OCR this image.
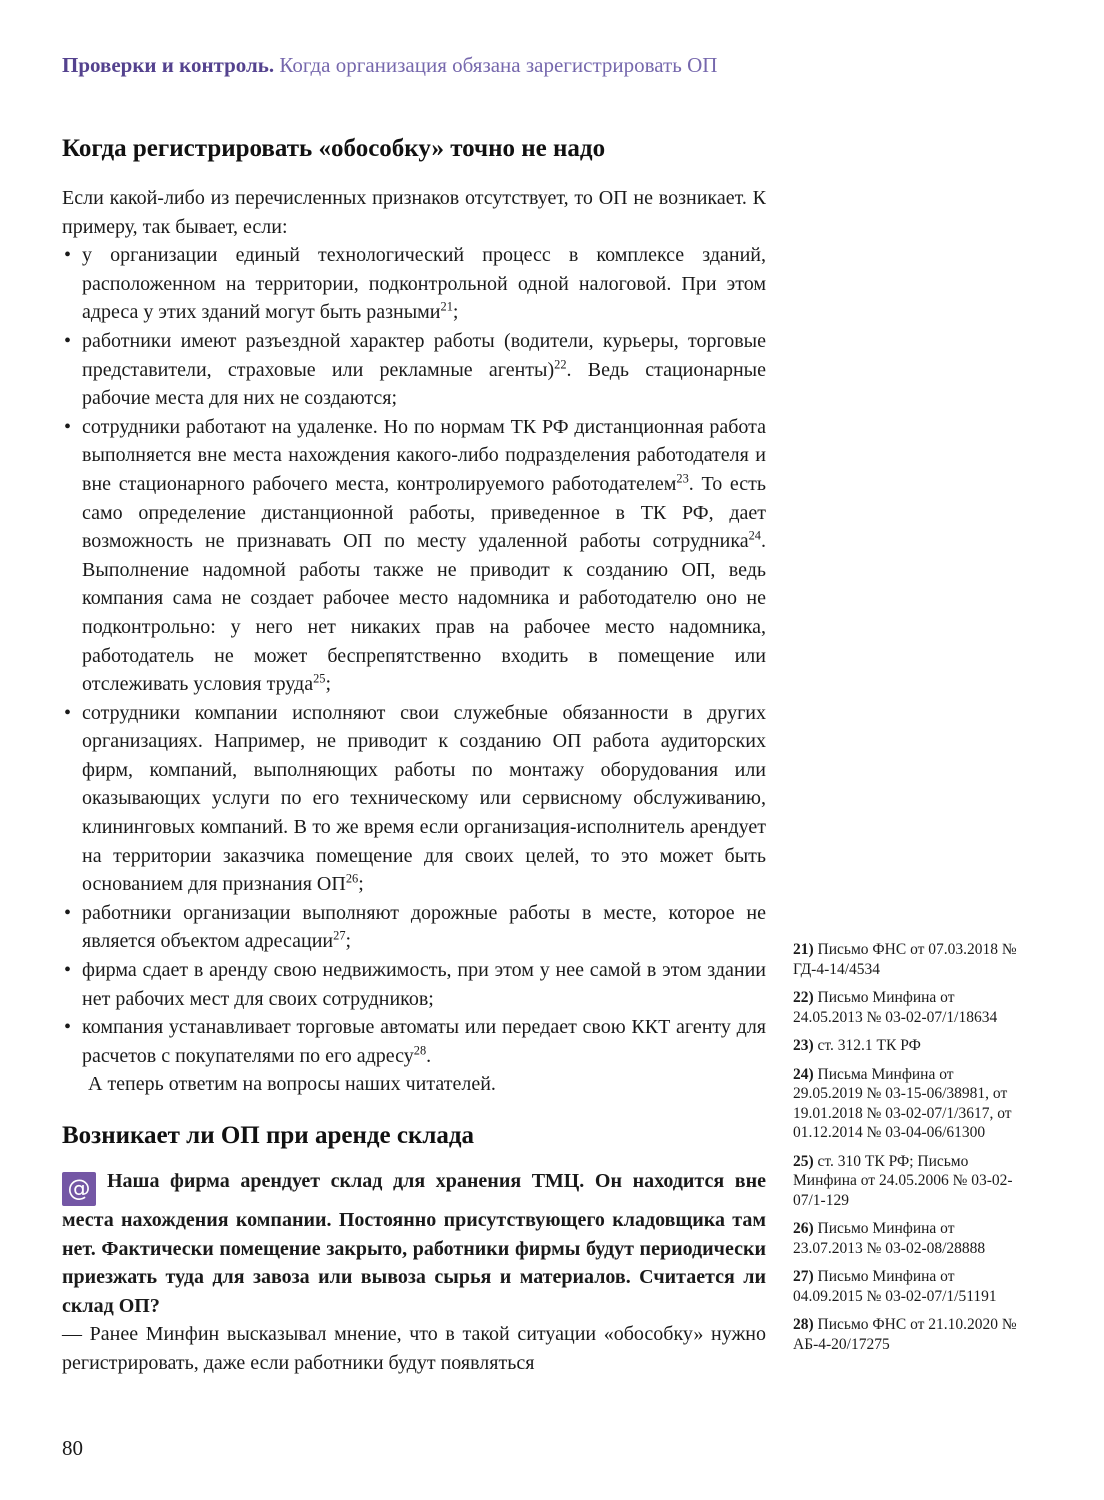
Проверки и контроль. Когда организация обязана зарегистрировать ОП
Когда регистрировать «обособку» точно не надо

Если какой-либо из перечисленных признаков отсутствует, то ОП не возникает. К примеру, так бывает, если:

• у организации единый технологический процесс в комплексе зданий, расположенном на территории, подконтрольной одной налоговой. При этом адреса у этих зданий могут быть разными$^{21}$;
• работники имеют разъездной характер работы (водители, курьеры, торговые представители, страховые или рекламные агенты)$^{22}$. Ведь стационарные рабочие места для них не создаются;
• сотрудники работают на удаленке. Но по нормам ТК РФ дистанционная работа выполняется вне места нахождения какого-либо подразделения работодателя и вне стационарного рабочего места, контролируемого работодателем$^{23}$. То есть само определение дистанционной работы, приведенное в ТК РФ, дает возможность не признавать ОП по месту удаленной работы сотрудника$^{24}$. Выполнение надомной работы также не приводит к созданию ОП, ведь компания сама не создает рабочее место надомника и работодателю оно не подконтрольно: у него нет никаких прав на рабочее место надомника, работодатель не может беспрепятственно входить в помещение или отслеживать условия труда$^{25}$;
• сотрудники компании исполняют свои служебные обязанности в других организациях. Например, не приводит к созданию ОП работа аудиторских фирм, компаний, выполняющих работы по монтажу оборудования или оказывающих услуги по его техническому или сервисному обслуживанию, клининговых компаний. В то же время если организация-исполнитель арендует на территории заказчика помещение для своих целей, то это может быть основанием для признания ОП$^{26}$;
• работники организации выполняют дорожные работы в месте, которое не является объектом адресации$^{27}$;
• фирма сдает в аренду свою недвижимость, при этом у нее самой в этом здании нет рабочих мест для своих сотрудников;
• компания устанавливает торговые автоматы или передает свою ККТ агенту для расчетов с покупателями по его адресу$^{28}$.

А теперь ответим на вопросы наших читателей.

Возникает ли ОП при аренде склада

@ Наша фирма арендует склад для хранения ТМЦ. Он находится вне места нахождения компании. Постоянно присутствующего кладовщика там нет. Фактически помещение закрыто, работники фирмы будут периодически приезжать туда для завоза или вывоза сырья и материалов. Считается ли склад ОП?

— Ранее Минфин высказывал мнение, что в такой ситуации «обособку» нужно регистрировать, даже если работники будут появляться

21) Письмо ФНС от 07.03.2018 № ГД-4-14/4534
22) Письмо Минфина от 24.05.2013 № 03-02-07/1/18634
23) ст. 312.1 ТК РФ
24) Письма Минфина от 29.05.2019 № 03-15-06/38981, от 19.01.2018 № 03-02-07/1/3617, от 01.12.2014 № 03-04-06/61300
25) ст. 310 ТК РФ; Письмо Минфина от 24.05.2006 № 03-02-07/1-129
26) Письмо Минфина от 23.07.2013 № 03-02-08/28888
27) Письмо Минфина от 04.09.2015 № 03-02-07/1/51191
28) Письмо ФНС от 21.10.2020 № АБ-4-20/17275
80
